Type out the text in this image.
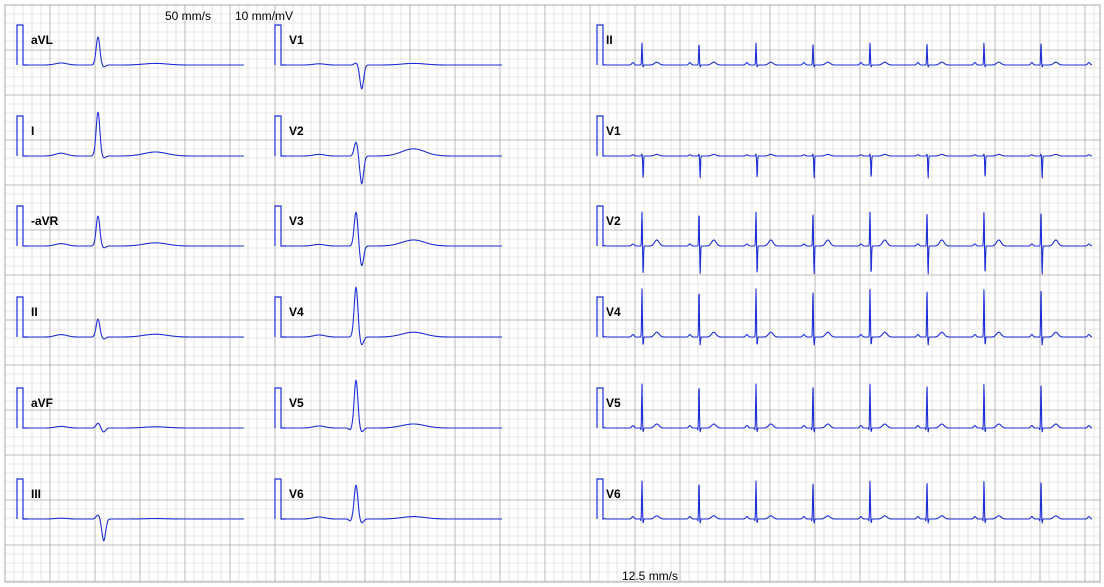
aVL
I
-aVR
II
aVF
III
V1
V2
V3
V4
V5
V6
II
V1
V2
V4
V5
V6
50 mm/s 10 mm/mV
12.5 mm/s
